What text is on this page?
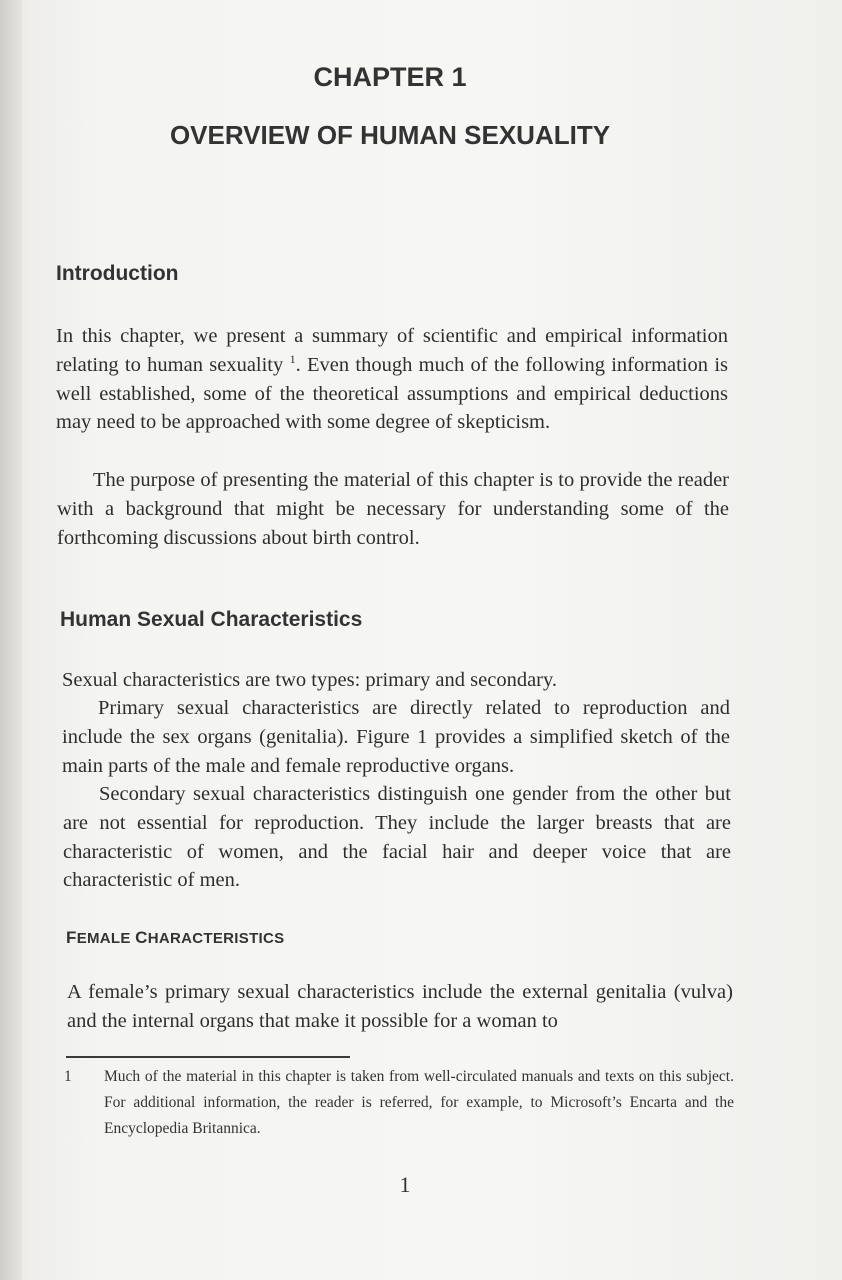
CHAPTER 1
OVERVIEW OF HUMAN SEXUALITY
Introduction
In this chapter, we present a summary of scientific and empirical information relating to human sexuality $^1$. Even though much of the following information is well established, some of the theoretical assumptions and empirical deductions may need to be approached with some degree of skepticism.
The purpose of presenting the material of this chapter is to provide the reader with a background that might be necessary for understanding some of the forthcoming discussions about birth control.
Human Sexual Characteristics
Sexual characteristics are two types: primary and secondary.
Primary sexual characteristics are directly related to reproduction and include the sex organs (genitalia). Figure 1 provides a simplified sketch of the main parts of the male and female reproductive organs.
Secondary sexual characteristics distinguish one gender from the other but are not essential for reproduction. They include the larger breasts that are characteristic of women, and the facial hair and deeper voice that are characteristic of men.
FEMALE CHARACTERISTICS
A female’s primary sexual characteristics include the external genitalia (vulva) and the internal organs that make it possible for a woman to
1 Much of the material in this chapter is taken from well-circulated manuals and texts on this subject. For additional information, the reader is referred, for example, to Microsoft’s Encarta and the Encyclopedia Britannica.
1
